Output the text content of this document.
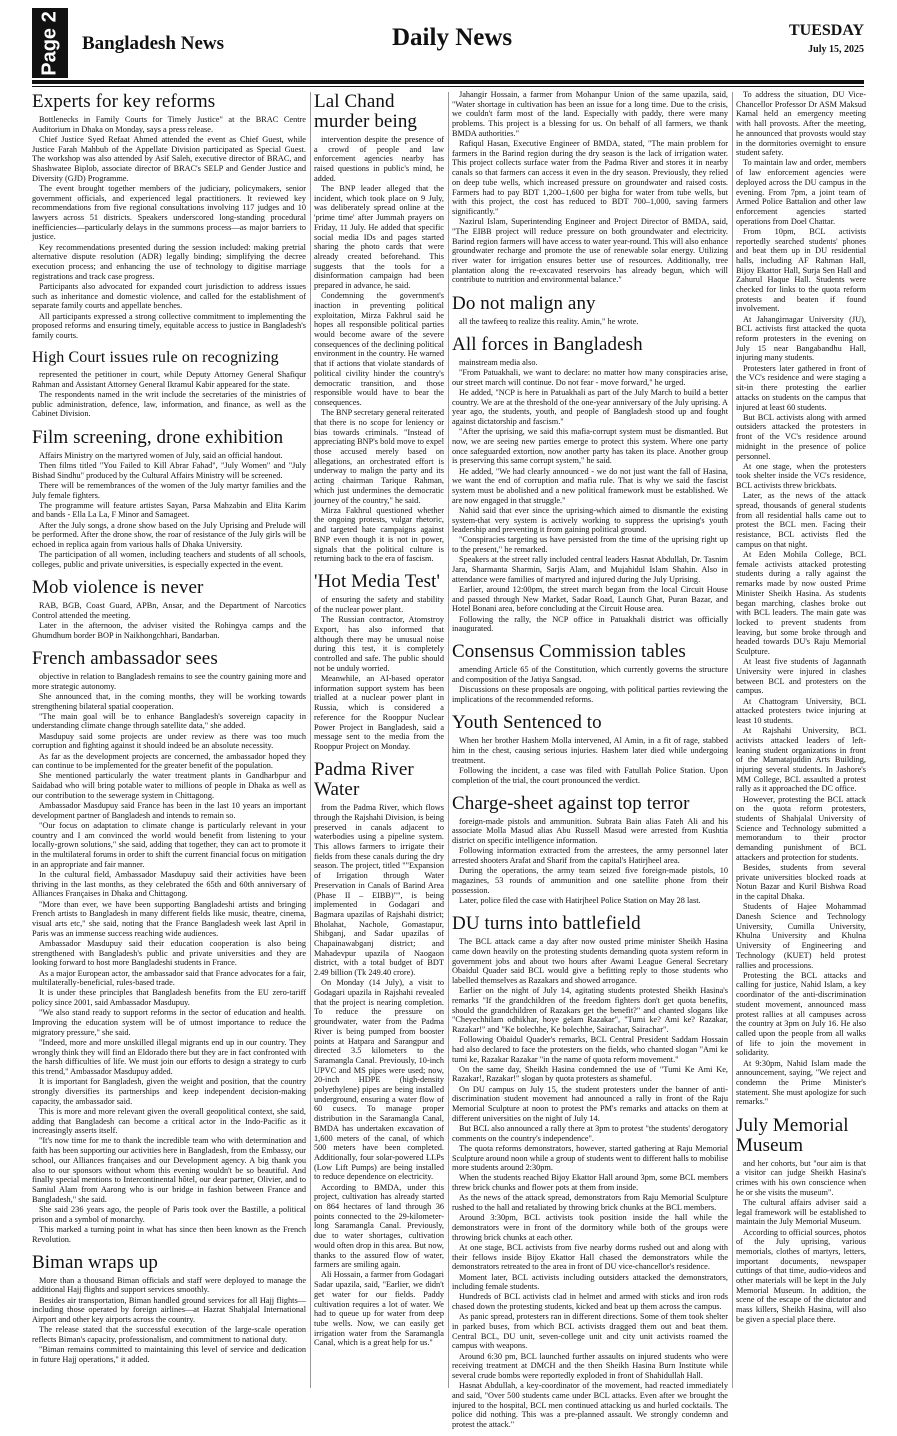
Page 2 Bangladesh News	Daily News	TUESDAY
July 15, 2025
Experts for key reforms

Bottlenecks in Family Courts for Timely Justice" at the BRAC Centre Auditorium in Dhaka on Monday, says a press release.

Chief Justice Syed Refaat Ahmed attended the event as Chief Guest, while Justice Farah Mahbub of the Appellate Division participated as Special Guest. The workshop was also attended by Asif Saleh, executive director of BRAC, and Shashwatee Biplob, associate director of BRAC's SELP and Gender Justice and Diversity (GJD) Programme.

The event brought together members of the judiciary, policymakers, senior government officials, and experienced legal practitioners. It reviewed key recommendations from five regional consultations involving 117 judges and 10 lawyers across 51 districts. Speakers underscored long-standing procedural inefficiencies—particularly delays in the summons process—as major barriers to justice.

Key recommendations presented during the session included: making pretrial alternative dispute resolution (ADR) legally binding; simplifying the decree execution process; and enhancing the use of technology to digitise marriage registrations and track case progress.

Participants also advocated for expanded court jurisdiction to address issues such as inheritance and domestic violence, and called for the establishment of separate family courts and appellate benches.

All participants expressed a strong collective commitment to implementing the proposed reforms and ensuring timely, equitable access to justice in Bangladesh's family courts.

High Court issues rule on recognizing

represented the petitioner in court, while Deputy Attorney General Shafiqur Rahman and Assistant Attorney General Ikramul Kabir appeared for the state.

The respondents named in the writ include the secretaries of the ministries of public administration, defence, law, information, and finance, as well as the Cabinet Division.

Film screening, drone exhibition

Affairs Ministry on the martyred women of July, said an official handout.

Then films titled "You Failed to Kill Abrar Fahad", "July Women" and "July Bishad Sindhu" produced by the Cultural Affairs Ministry will be screened.

There will be remembrances of the women of the July martyr families and the July female fighters.

The programme will feature artistes Sayan, Parsa Mahzabin and Elita Karim and bands - Ella La La, F Minor and Samageet.

After the July songs, a drone show based on the July Uprising and Prelude will be performed. After the drone show, the roar of resistance of the July girls will be echoed in replica again from various halls of Dhaka University.

The participation of all women, including teachers and students of all schools, colleges, public and private universities, is especially expected in the event.

Mob violence is never

RAB, BGB, Coast Guard, APBn, Ansar, and the Department of Narcotics Control attended the meeting.

Later in the afternoon, the adviser visited the Rohingya camps and the Ghumdhum border BOP in Naikhongchhari, Bandarban.

French ambassador sees

objective in relation to Bangladesh remains to see the country gaining more and more strategic autonomy.

She announced that, in the coming months, they will be working towards strengthening bilateral spatial cooperation.

"The main goal will be to enhance Bangladesh's sovereign capacity in understanding climate change through satellite data," she added.

Masdupuy said some projects are under review as there was too much corruption and fighting against it should indeed be an absolute necessity.

As far as the development projects are concerned, the ambassador hoped they can continue to be implemented for the greater benefit of the population.

She mentioned particularly the water treatment plants in Gandharbpur and Saidabad who will bring potable water to millions of people in Dhaka as well as our contribution to the sewerage system in Chittagong.

Ambassador Masdupuy said France has been in the last 10 years an important development partner of Bangladesh and intends to remain so.

"Our focus on adaptation to climate change is particularly relevant in your country and I am convinced the world would benefit from listening to your locally-grown solutions," she said, adding that together, they can act to promote it in the multilateral forums in order to shift the current financial focus on mitigation in an appropriate and fair manner.

In the cultural field, Ambassador Masdupuy said their activities have been thriving in the last months, as they celebrated the 65th and 60th anniversary of Alliances Françaises in Dhaka and Chittagong.

"More than ever, we have been supporting Bangladeshi artists and bringing French artists to Bangladesh in many different fields like music, theatre, cinema, visual arts etc," she said, noting that the France Bangladesh week last April in Paris was an immense success reaching wide audiences.

Ambassador Masdupuy said their education cooperation is also being strengthened with Bangladesh's public and private universities and they are looking forward to host more Bangladeshi students in France.

As a major European actor, the ambassador said that France advocates for a fair, multilaterally-beneficial, rules-based trade.

It is under these principles that Bangladesh benefits from the EU zero-tariff policy since 2001, said Ambassador Masdupuy.

"We also stand ready to support reforms in the sector of education and health. Improving the education system will be of utmost importance to reduce the migratory pressure," she said.

"Indeed, more and more unskilled illegal migrants end up in our country. They wrongly think they will find an Eldorado there but they are in fact confronted with the harsh difficulties of life. We must join our efforts to design a strategy to curb this trend," Ambassador Masdupuy added.

It is important for Bangladesh, given the weight and position, that the country strongly diversifies its partnerships and keep independent decision-making capacity, the ambassador said.

This is more and more relevant given the overall geopolitical context, she said, adding that Bangladesh can become a critical actor in the Indo-Pacific as it increasingly asserts itself.

"It's now time for me to thank the incredible team who with determination and faith has been supporting our activities here in Bangladesh, from the Embassy, our school, our Alliances françaises and our Development agency. A big thank you also to our sponsors without whom this evening wouldn't be so beautiful. And finally special mentions to Intercontinental hôtel, our dear partner, Olivier, and to Samiul Alam from Aarong who is our bridge in fashion between France and Bangladesh," she said.

She said 236 years ago, the people of Paris took over the Bastille, a political prison and a symbol of monarchy.

This marked a turning point in what has since then been known as the French Revolution.

Biman wraps up

More than a thousand Biman officials and staff were deployed to manage the additional Hajj flights and support services smoothly.

Besides air transportation, Biman handled ground services for all Hajj flights—including those operated by foreign airlines—at Hazrat Shahjalal International Airport and other key airports across the country.

The release stated that the successful execution of the large-scale operation reflects Biman's capacity, professionalism, and commitment to national duty.

"Biman remains committed to maintaining this level of service and dedication in future Hajj operations," it added.

Lal Chand murder being

intervention despite the presence of a crowd of people and law enforcement agencies nearby has raised questions in public's mind, he added.

The BNP leader alleged that the incident, which took place on 9 July, was deliberately spread online at the 'prime time' after Jummah prayers on Friday, 11 July. He added that specific social media IDs and pages started sharing the photo cards that were already created beforehand. This suggests that the tools for a disinformation campaign had been prepared in advance, he said.

Condemning the government's inaction in preventing political exploitation, Mirza Fakhrul said he hopes all responsible political parties would become aware of the severe consequences of the declining political environment in the country. He warned that if actions that violate standards of political civility hinder the country's democratic transition, and those responsible would have to bear the consequences.

The BNP secretary general reiterated that there is no scope for leniency or bias towards criminals. "Instead of appreciating BNP's bold move to expel those accused merely based on allegations, an orchestrated effort is underway to malign the party and its acting chairman Tarique Rahman, which just undermines the democratic journey of the country," he said.

Mirza Fakhrul questioned whether the ongoing protests, vulgar rhetoric, and targeted hate campaigns against BNP even though it is not in power, signals that the political culture is returning back to the era of fascism.

'Hot Media Test'

of ensuring the safety and stability of the nuclear power plant.

The Russian contractor, Atomstroy Export, has also informed that although there may be unusual noise during this test, it is completely controlled and safe. The public should not be unduly worried.

Meanwhile, an AI-based operator information support system has been trialled at a nuclear power plant in Russia, which is considered a reference for the Rooppur Nuclear Power Project in Bangladesh, said a message sent to the media from the Rooppur Project on Monday.

Padma River Water

from the Padma River, which flows through the Rajshahi Division, is being preserved in canals adjacent to waterbodies using a pipeline system. This allows farmers to irrigate their fields from these canals during the dry season. The project, titled ""Expansion of Irrigation through Water Preservation in Canals of Barind Area (Phase II – EIBB)"", is being implemented in Godagari and Bagmara upazilas of Rajshahi district; Bholahat, Nachole, Gomastapur, Shibganj, and Sadar upazilas of Chapainawabganj district; and Mahadevpur upazila of Naogaon district, with a total budget of BDT 2.49 billion (Tk 249.40 crore).

On Monday (14 July), a visit to Godagari upazila in Rajshahi revealed that the project is nearing completion. To reduce the pressure on groundwater, water from the Padma River is being pumped from booster points at Hatpara and Sarangpur and directed 3.5 kilometers to the Saramangla Canal. Previously, 10-inch UPVC and MS pipes were used; now, 20-inch HDPE (high-density polyethylene) pipes are being installed underground, ensuring a water flow of 60 cusecs. To manage proper distribution in the Saramangla Canal, BMDA has undertaken excavation of 1,600 meters of the canal, of which 500 meters have been completed. Additionally, four solar-powered LLPs (Low Lift Pumps) are being installed to reduce dependence on electricity.

According to BMDA, under this project, cultivation has already started on 864 hectares of land through 36 points connected to the 29-kilometer-long Saramangla Canal. Previously, due to water shortages, cultivation would often drop in this area. But now, thanks to the assured flow of water, farmers are smiling again.

Ali Hossain, a farmer from Godagari Sadar upazila, said, "Earlier, we didn't get water for our fields. Paddy cultivation requires a lot of water. We had to queue up for water from deep tube wells. Now, we can easily get irrigation water from the Saramangla Canal, which is a great help for us."

Jahangir Hossain, a farmer from Mohanpur Union of the same upazila, said, "Water shortage in cultivation has been an issue for a long time. Due to the crisis, we couldn't farm most of the land. Especially with paddy, there were many problems. This project is a blessing for us. On behalf of all farmers, we thank BMDA authorities."

Rafiqul Hasan, Executive Engineer of BMDA, stated, "The main problem for farmers in the Barind region during the dry season is the lack of irrigation water. This project collects surface water from the Padma River and stores it in nearby canals so that farmers can access it even in the dry season. Previously, they relied on deep tube wells, which increased pressure on groundwater and raised costs. Farmers had to pay BDT 1,200–1,600 per bigha for water from tube wells, but with this project, the cost has reduced to BDT 700–1,000, saving farmers significantly."

Nazirul Islam, Superintending Engineer and Project Director of BMDA, said, "The EIBB project will reduce pressure on both groundwater and electricity. Barind region farmers will have access to water year-round. This will also enhance groundwater recharge and promote the use of renewable solar energy. Utilizing river water for irrigation ensures better use of resources. Additionally, tree plantation along the re-excavated reservoirs has already begun, which will contribute to nutrition and environmental balance."

Do not malign any

all the tawfeeq to realize this reality. Amin," he wrote.

All forces in Bangladesh

mainstream media also.

"From Patuakhali, we want to declare: no matter how many conspiracies arise, our street march will continue. Do not fear - move forward," he urged.

He added, "NCP is here in Patuakhali as part of the July March to build a better country. We are at the threshold of the one-year anniversary of the July uprising. A year ago, the students, youth, and people of Bangladesh stood up and fought against dictatorship and fascism."

"After the uprising, we said this mafia-corrupt system must be dismantled. But now, we are seeing new parties emerge to protect this system. Where one party once safeguarded extortion, now another party has taken its place. Another group is preserving this same corrupt system," he said.

He added, "We had clearly announced - we do not just want the fall of Hasina, we want the end of corruption and mafia rule. That is why we said the fascist system must be abolished and a new political framework must be established. We are now engaged in that struggle."

Nahid said that ever since the uprising-which aimed to dismantle the existing system-that very system is actively working to suppress the uprising's youth leadership and preventing it from gaining political ground.

"Conspiracies targeting us have persisted from the time of the uprising right up to the present," he remarked.

Speakers at the street rally included central leaders Hasnat Abdullah, Dr. Tasnim Jara, Sharmanta Sharmin, Sarjis Alam, and Mujahidul Islam Shahin. Also in attendance were families of martyred and injured during the July Uprising.

Earlier, around 12:00pm, the street march began from the local Circuit House and passed through New Market, Sadar Road, Launch Ghat, Puran Bazar, and Hotel Bonani area, before concluding at the Circuit House area.

Following the rally, the NCP office in Patuakhali district was officially inaugurated.

Consensus Commission tables

amending Article 65 of the Constitution, which currently governs the structure and composition of the Jatiya Sangsad.

Discussions on these proposals are ongoing, with political parties reviewing the implications of the recommended reforms.

Youth Sentenced to

When her brother Hashem Molla intervened, Al Amin, in a fit of rage, stabbed him in the chest, causing serious injuries. Hashem later died while undergoing treatment.

Following the incident, a case was filed with Fatullah Police Station. Upon completion of the trial, the court pronounced the verdict.

Charge-sheet against top terror

foreign-made pistols and ammunition. Subrata Bain alias Fateh Ali and his associate Molla Masud alias Abu Russell Masud were arrested from Kushtia district on specific intelligence information.

Following information extracted from the arrestees, the army personnel later arrested shooters Arafat and Sharif from the capital's Hatirjheel area.

During the operations, the army team seized five foreign-made pistols, 10 magazines, 53 rounds of ammunition and one satellite phone from their possession.

Later, police filed the case with Hatirjheel Police Station on May 28 last.

DU turns into battlefield

The BCL attack came a day after now ousted prime minister Sheikh Hasina came down heavily on the protesting students demanding quota system reform in government jobs and about two hours after Awami League General Secretary Obaidul Quader said BCL would give a befitting reply to those students who labelled themselves as Razakars and showed arrogance.

Earlier on the night of July 14, agitating students protested Sheikh Hasina's remarks "If the grandchildren of the freedom fighters don't get quota benefits, should the grandchildren of Razakars get the benefit?" and chanted slogans like "Cheyechhilam odhikhar, hoye gelam Razakar", "Tumi ke? Ami ke? Razakar, Razakar!" and "Ke bolechhe, Ke bolechhe, Sairachar, Sairachar".

Following Obaidul Quader's remarks, BCL Central President Saddam Hossain had also declared to face the protesters on the fields, who chanted slogan "Ami ke tumi ke, Razakar Razakar "in the name of quota reform movement."

On the same day, Sheikh Hasina condemned the use of "Tumi Ke Ami Ke, Razakar!, Razakar!" slogan by quota protesters as shameful.

On DU campus on July 15, the student protesters under the banner of anti-discrimination student movement had announced a rally in front of the Raju Memorial Sculpture at noon to protest the PM's remarks and attacks on them at different universities on the night of July 14.

But BCL also announced a rally there at 3pm to protest "the students' derogatory comments on the country's independence".

The quota reforms demonstrators, however, started gathering at Raju Memorial Sculpture around noon while a group of students went to different halls to mobilise more students around 2:30pm.

When the students reached Bijoy Ekattor Hall around 3pm, some BCL members threw brick chunks and flower pots at them from inside.

As the news of the attack spread, demonstrators from Raju Memorial Sculpture rushed to the hall and retaliated by throwing brick chunks at the BCL members.

Around 3:30pm, BCL activists took position inside the hall while the demonstrators were in front of the dormitory while both of the groups were throwing brick chunks at each other.

At one stage, BCL activists from five nearby dorms rushed out and along with their fellows inside Bijoy Ekattor Hall chased the demonstrators while the demonstrators retreated to the area in front of DU vice-chancellor's residence.

Moment later, BCL activists including outsiders attacked the demonstrators, including female students.

Hundreds of BCL activists clad in helmet and armed with sticks and iron rods chased down the protesting students, kicked and beat up them across the campus.

As panic spread, protesters ran in different directions. Some of them took shelter in parked buses, from which BCL activists dragged them out and beat them. Central BCL, DU unit, seven-college unit and city unit activists roamed the campus with weapons.

Around 6:30 pm, BCL launched further assaults on injured students who were receiving treatment at DMCH and the then Sheikh Hasina Burn Institute while several crude bombs were reportedly exploded in front of Shahidullah Hall.

Hasnat Abdullah, a key-coordinator of the movement, had reacted immediately and said, "Over 500 students came under BCL attacks. Even after we brought the injured to the hospital, BCL men continued attacking us and hurled cocktails. The police did nothing. This was a pre-planned assault. We strongly condemn and protest the attack."

To address the situation, DU Vice-Chancellor Professor Dr ASM Maksud Kamal held an emergency meeting with hall provosts. After the meeting, he announced that provosts would stay in the dormitories overnight to ensure student safety.

To maintain law and order, members of law enforcement agencies were deployed across the DU campus in the evening. From 7pm, a joint team of Armed Police Battalion and other law enforcement agencies started operations from Doel Chattar.

From 10pm, BCL activists reportedly searched students' phones and beat them up in DU residential halls, including AF Rahman Hall, Bijoy Ekattor Hall, Surja Sen Hall and Zahurul Haque Hall. Students were checked for links to the quota reform protests and beaten if found involvement.

At Jahangirnagar University (JU), BCL activists first attacked the quota reform protesters in the evening on July 15 near Bangabandhu Hall, injuring many students.

Protesters later gathered in front of the VC's residence and were staging a sit-in there protesting the earlier attacks on students on the campus that injured at least 60 students.

But BCL activists along with armed outsiders attacked the protesters in front of the VC's residence around midnight in the presence of police personnel.

At one stage, when the protesters took shelter inside the VC's residence, BCL activists threw brickbats.

Later, as the news of the attack spread, thousands of general students from all residential halls came out to protest the BCL men. Facing their resistance, BCL activists fled the campus on that night.

At Eden Mohila College, BCL female activists attacked protesting students during a rally against the remarks made by now ousted Prime Minister Sheikh Hasina. As students began marching, clashes broke out with BCL leaders. The main gate was locked to prevent students from leaving, but some broke through and headed towards DU's Raju Memorial Sculpture.

At least five students of Jagannath University were injured in clashes between BCL and protesters on the campus.

At Chattogram University, BCL attacked protesters twice injuring at least 10 students.

At Rajshahi University, BCL activists attacked leaders of left-leaning student organizations in front of the Mamatajuddin Arts Building, injuring several students. In Jashore's MM College, BCL assaulted a protest rally as it approached the DC office.

However, protesting the BCL attack on the quota reform protesters, students of Shahjalal University of Science and Technology submitted a memorandum to their proctor demanding punishment of BCL attackers and protection for students.

Besides, students from several private universities blocked roads at Notun Bazar and Kuril Bishwa Road in the capital Dhaka.

Students of Hajee Mohammad Danesh Science and Technology University, Cumilla University, Khulna University and Khulna University of Engineering and Technology (KUET) held protest rallies and processions.

Protesting the BCL attacks and calling for justice, Nahid Islam, a key coordinator of the anti-discrimination student movement, announced mass protest rallies at all campuses across the country at 3pm on July 16. He also called upon the people from all walks of life to join the movement in solidarity.

At 9:30pm, Nahid Islam made the announcement, saying, "We reject and condemn the Prime Minister's statement. She must apologize for such remarks."

July Memorial Museum

and her cohorts, but "our aim is that a visitor can judge Sheikh Hasina's crimes with his own conscience when he or she visits the museum".

The cultural affairs adviser said a legal framework will be established to maintain the July Memorial Museum.

According to official sources, photos of the July uprising, various memorials, clothes of martyrs, letters, important documents, newspaper cuttings of that time, audio-videos and other materials will be kept in the July Memorial Museum. In addition, the scene of the escape of the dictator and mass killers, Sheikh Hasina, will also be given a special place there.
